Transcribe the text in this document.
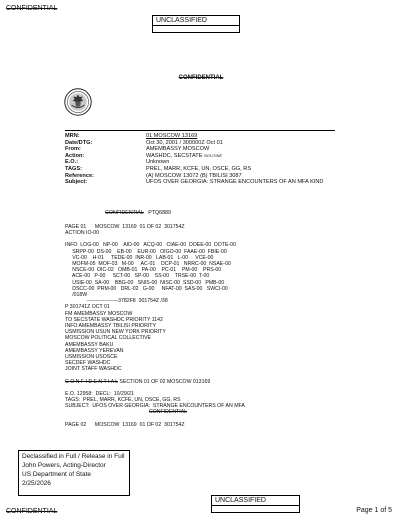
CONFIDENTIAL
UNCLASSIFIED
CONFIDENTIAL
MRN:	01 MOSCOW 13169
Date/DTG:	Oct 30, 2001 / 300000Z Oct 01
From:	AMEMBASSY MOSCOW
Action:	WASHDC, SECSTATE ROUTINE
E.O.:	Unknown
TAGS:	PREL, MARR, KCFE, UN, OSCE, GG, RS
Reference:	(A) MOSCOW 13072 (B) TBILISI 3087
Subject:	UFOS OVER GEORGIA: STRANGE ENCOUNTERS OF AN MFA KIND
CONFIDENTIAL PTQ6889
PAGE 01      MOSCOW  13169  01 OF 02  301754Z
ACTION IO-00
INFO  LOG-00   NP-00    AID-00   ACQ-00   CIAE-00  DOEE-00  DOTE-00
SRPP-00  DS-00    EB-00    EUR-00   OIGO-00  FAAE-00  FBIE-00
VC-00    H-01     TEDE-00  INR-00   LAB-01   L-00     VCE-00
MOFM-05  MOF-03   M-00     AC-01    DCP-01   NRRC-00  NSAE-00
NSCE-00  OIC-02   OMB-01   PA-00    PC-01    PM-00    PRS-00
ACE-00   P-00     SCT-00   SP-00    SS-00    TRSE-00  T-00
USIE-00  SA-00    BBG-00   SNIS-00  NISC-00  SSD-00   PMB-00
DSCC-00  PRM-00   DRL-02   G-00     NFAT-00  SAS-00   SWCI-00
/018W
------------------3782F8  301754Z /38
P 301741Z OCT 01
FM AMEMBASSY MOSCOW
TO SECSTATE WASHDC PRIORITY 1142
INFO AMEMBASSY TBILISI PRIORITY
USMISSION USUN NEW YORK PRIORITY
MOSCOW POLITICAL COLLECTIVE
AMEMBASSY BAKU
AMEMBASSY YEREVAN
USMISSION USOSCE
SECDEF WASHDC
JOINT STAFF WASHDC
C O N F I D E N T I A L SECTION 01 OF 02 MOSCOW 013169
E.O. 12958:  DECL:  10/29/21
TAGS:  PREL, MARR, KCFE, UN, OSCE, GG, RS
SUBJECT:  UFOS OVER GEORGIA:  STRANGE ENCOUNTERS OF AN MFA
CONFIDENTIAL
PAGE 02      MOSCOW  13169  01 OF 02  301754Z
Declassified in Full / Release in Full
John Powers, Acting-Director
US Department of State
2/25/2026
UNCLASSIFIED
CONFIDENTIAL	Page 1 of 5
